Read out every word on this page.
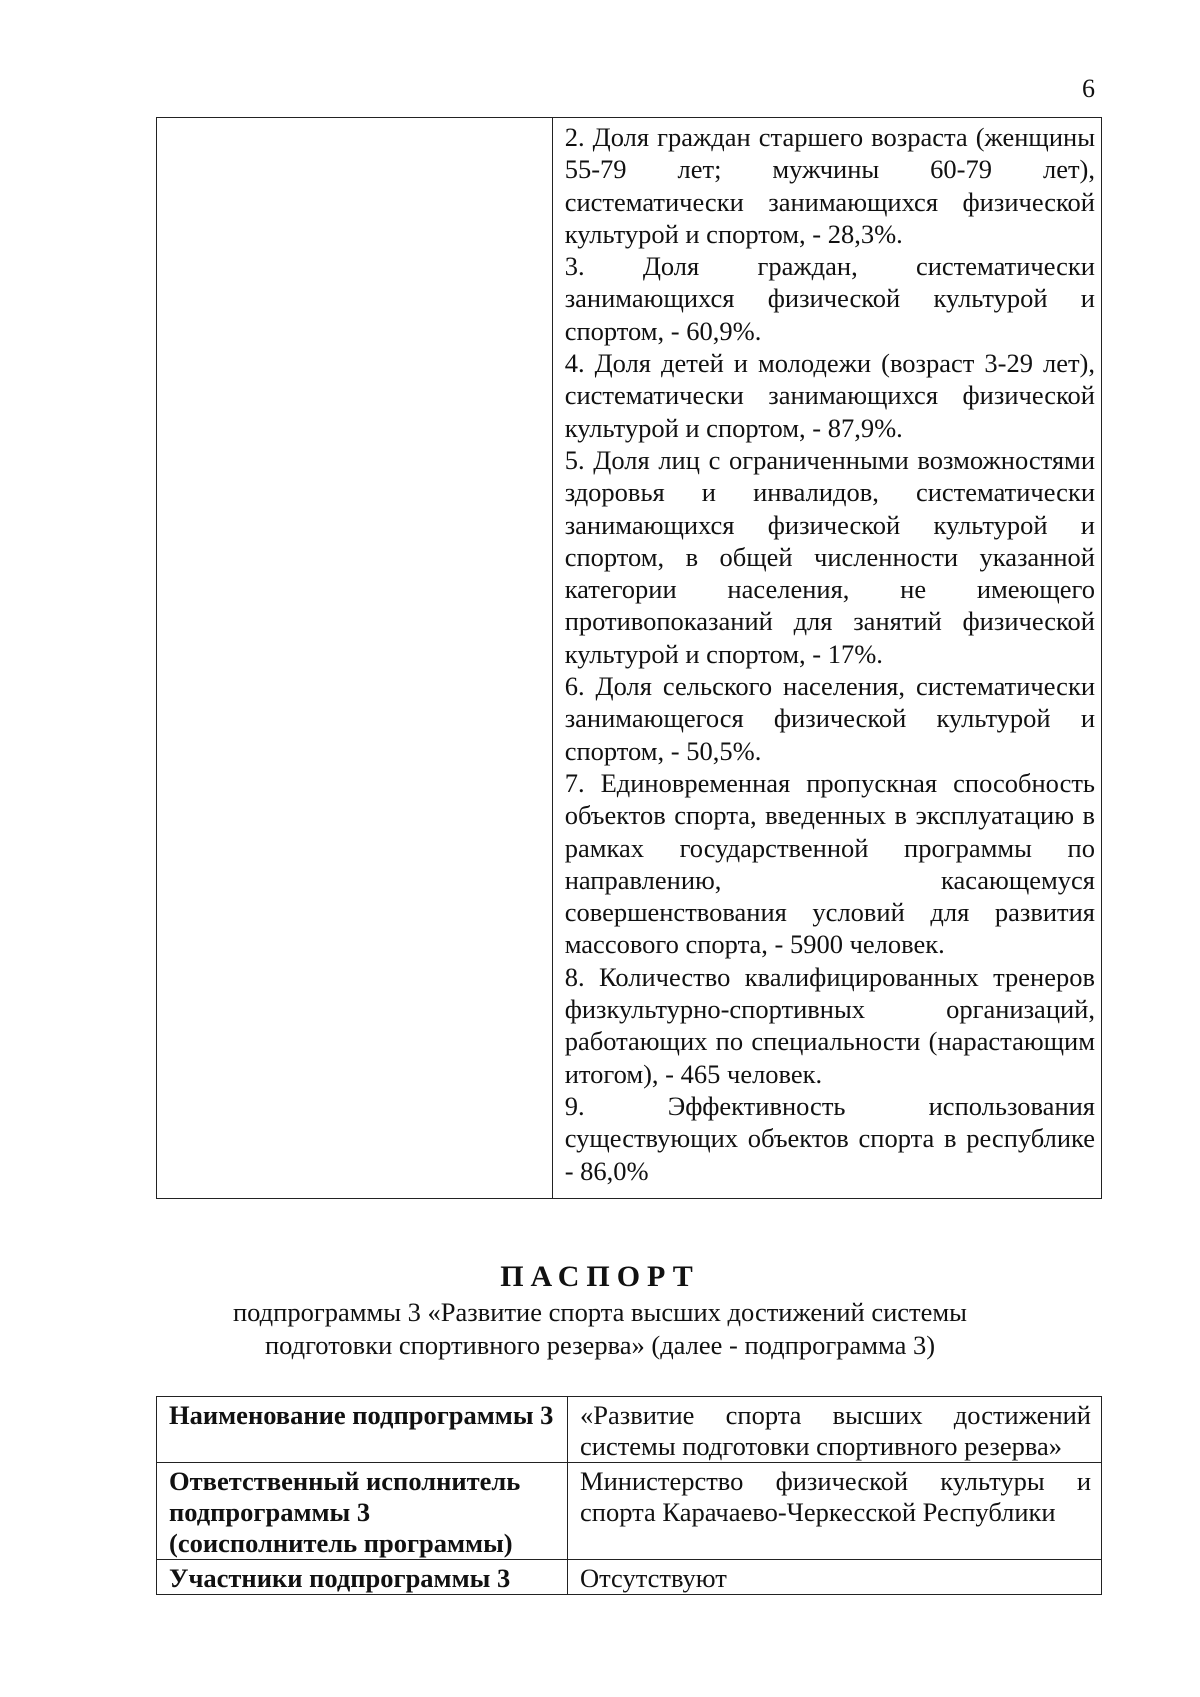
6

2. Доля граждан старшего возраста (женщины 55-79 лет; мужчины 60-79 лет), систематически занимающихся физической культурой и спортом, - 28,3%.

3. Доля граждан, систематически занимающихся физической культурой и спортом, - 60,9%.

4. Доля детей и молодежи (возраст 3-29 лет), систематически занимающихся физической культурой и спортом, - 87,9%.

5. Доля лиц с ограниченными возможностями здоровья и инвалидов, систематически занимающихся физической культурой и спортом, в общей численности указанной категории населения, не имеющего противопоказаний для занятий физической культурой и спортом, - 17%.

6. Доля сельского населения, систематически занимающегося физической культурой и спортом, - 50,5%.

7. Единовременная пропускная способность объектов спорта, введенных в эксплуатацию в рамках государственной программы по направлению, касающемуся совершенствования условий для развития массового спорта, - 5900 человек.

8. Количество квалифицированных тренеров физкультурно-спортивных организаций, работающих по специальности (нарастающим итогом), - 465 человек.

9. Эффективность использования существующих объектов спорта в республике - 86,0%

ПАСПОРТ
подпрограммы 3 «Развитие спорта высших достижений системы подготовки спортивного резерва» (далее - подпрограмма 3)
Наименование подпрограммы 3	«Развитие спорта высших достижений системы подготовки спортивного резерва»
Ответственный исполнитель подпрограммы 3 (соисполнитель программы)	Министерство физической культуры и спорта Карачаево-Черкесской Республики
Участники подпрограммы 3	Отсутствуют
